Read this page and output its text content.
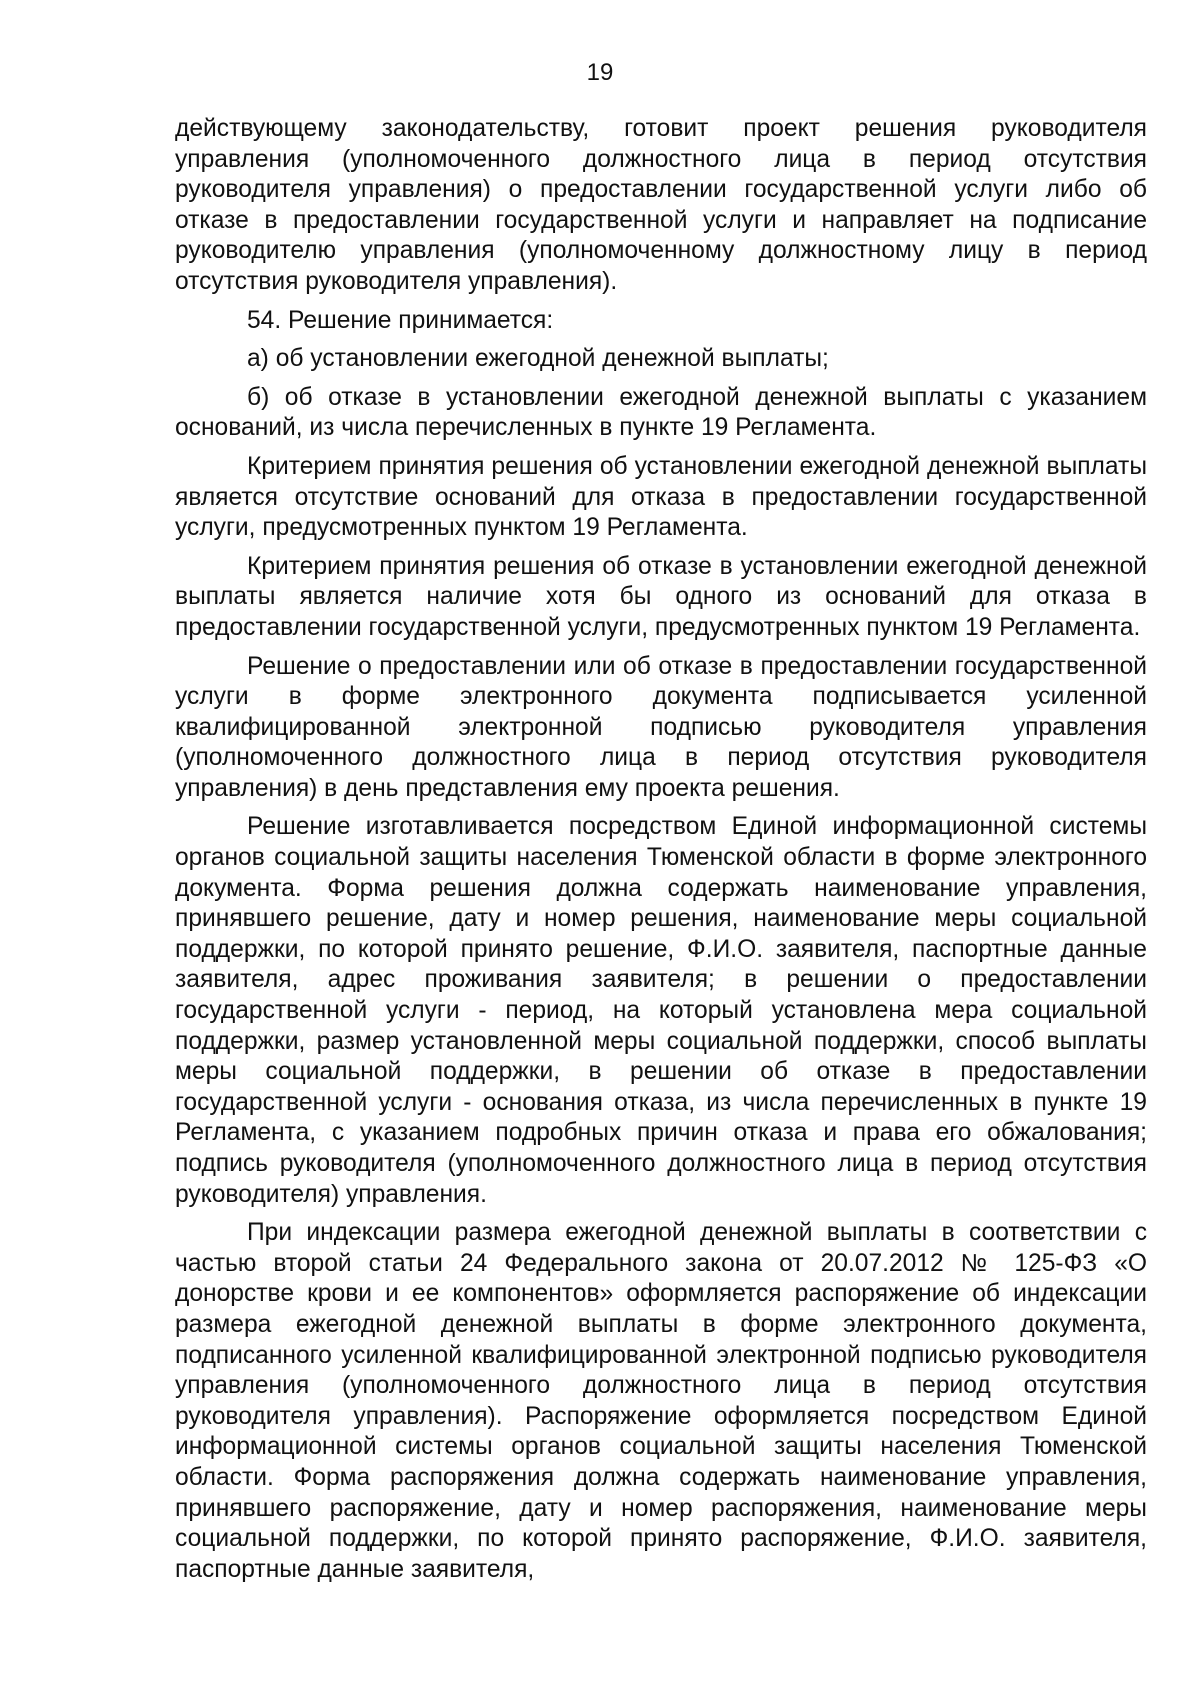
19

действующему законодательству, готовит проект решения руководителя управления (уполномоченного должностного лица в период отсутствия руководителя управления) о предоставлении государственной услуги либо об отказе в предоставлении государственной услуги и направляет на подписание руководителю управления (уполномоченному должностному лицу в период отсутствия руководителя управления).

54. Решение принимается:

а) об установлении ежегодной денежной выплаты;

б) об отказе в установлении ежегодной денежной выплаты с указанием оснований, из числа перечисленных в пункте 19 Регламента.

Критерием принятия решения об установлении ежегодной денежной выплаты является отсутствие оснований для отказа в предоставлении государственной услуги, предусмотренных пунктом 19 Регламента.

Критерием принятия решения об отказе в установлении ежегодной денежной выплаты является наличие хотя бы одного из оснований для отказа в предоставлении государственной услуги, предусмотренных пунктом 19 Регламента.

Решение о предоставлении или об отказе в предоставлении государственной услуги в форме электронного документа подписывается усиленной квалифицированной электронной подписью руководителя управления (уполномоченного должностного лица в период отсутствия руководителя управления) в день представления ему проекта решения.

Решение изготавливается посредством Единой информационной системы органов социальной защиты населения Тюменской области в форме электронного документа. Форма решения должна содержать наименование управления, принявшего решение, дату и номер решения, наименование меры социальной поддержки, по которой принято решение, Ф.И.О. заявителя, паспортные данные заявителя, адрес проживания заявителя; в решении о предоставлении государственной услуги - период, на который установлена мера социальной поддержки, размер установленной меры социальной поддержки, способ выплаты меры социальной поддержки, в решении об отказе в предоставлении государственной услуги - основания отказа, из числа перечисленных в пункте 19 Регламента, с указанием подробных причин отказа и права его обжалования; подпись руководителя (уполномоченного должностного лица в период отсутствия руководителя) управления.

При индексации размера ежегодной денежной выплаты в соответствии с частью второй статьи 24 Федерального закона от 20.07.2012 № 125-ФЗ «О донорстве крови и ее компонентов» оформляется распоряжение об индексации размера ежегодной денежной выплаты в форме электронного документа, подписанного усиленной квалифицированной электронной подписью руководителя управления (уполномоченного должностного лица в период отсутствия руководителя управления). Распоряжение оформляется посредством Единой информационной системы органов социальной защиты населения Тюменской области. Форма распоряжения должна содержать наименование управления, принявшего распоряжение, дату и номер распоряжения, наименование меры социальной поддержки, по которой принято распоряжение, Ф.И.О. заявителя, паспортные данные заявителя,
